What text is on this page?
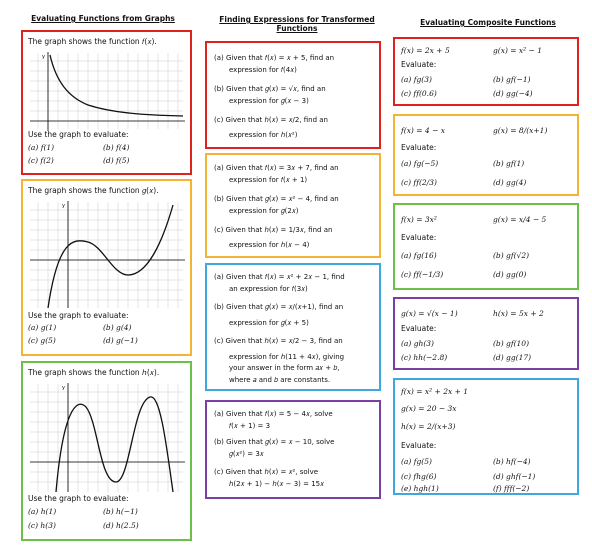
Evaluating Functions from Graphs	Finding Expressions for Transformed
Functions
Evaluating Composite Functions
The graph shows the function 𝑓(𝑥).
y
Use the graph to evaluate:
(a) 𝑓(1)	(b) 𝑓(4)
(c) 𝑓(2)	(d) 𝑓(5)
The graph shows the function 𝑔(𝑥).
y
Use the graph to evaluate:
(a) 𝑔(1)	(b) 𝑔(4)
(c) 𝑔(5)	(d) 𝑔(−1)
The graph shows the function ℎ(𝑥).
y
Use the graph to evaluate:
(a) ℎ(1)	(b) ℎ(−1)
(c) ℎ(3)	(d) ℎ(2.5)
(a) Given that 𝑓(𝑥) = 𝑥 + 5, find an
expression for 𝑓(4𝑥)
(b) Given that 𝑔(𝑥) = √𝑥, find an
expression for 𝑔(𝑥 − 3)
(c) Given that ℎ(𝑥) = 𝑥/2, find an
expression for ℎ(𝑥²)
(a) Given that 𝑓(𝑥) = 3𝑥 + 7, find an
expression for 𝑓(𝑥 + 1)
(b) Given that 𝑔(𝑥) = 𝑥² − 4, find an
expression for 𝑔(2𝑥)
(c) Given that ℎ(𝑥) = 1/3𝑥, find an
expression for ℎ(𝑥 − 4)
(a) Given that 𝑓(𝑥) = 𝑥² + 2𝑥 − 1, find
an expression for 𝑓(3𝑥)
(b) Given that 𝑔(𝑥) = 𝑥/(𝑥+1), find an
expression for 𝑔(𝑥 + 5)
(c) Given that ℎ(𝑥) = 𝑥/2 − 3, find an
expression for ℎ(11 + 4𝑥), giving
your answer in the form 𝑎𝑥 + 𝑏,
where 𝑎 and 𝑏 are constants.
(a) Given that 𝑓(𝑥) = 5 − 4𝑥, solve
𝑓(𝑥 + 1) = 3
(b) Given that 𝑔(𝑥) = 𝑥 − 10, solve
𝑔(𝑥²) = 3𝑥
(c) Given that ℎ(𝑥) = 𝑥², solve
ℎ(2𝑥 + 1) − ℎ(𝑥 − 3) = 15𝑥
𝑓(𝑥) = 2𝑥 + 5	𝑔(𝑥) = 𝑥² − 1
Evaluate:
(a) 𝑓𝑔(3)	(b) 𝑔𝑓(−1)
(c) 𝑓𝑓(0.6)	(d) 𝑔𝑔(−4)
𝑓(𝑥) = 4 − 𝑥	𝑔(𝑥) = 8/(𝑥+1)
Evaluate:
(a) 𝑓𝑔(−5)	(b) 𝑔𝑓(1)
(c) 𝑓𝑓(2/3)	(d) 𝑔𝑔(4)
𝑓(𝑥) = 3𝑥²	𝑔(𝑥) = 𝑥/4 − 5
Evaluate:
(a) 𝑓𝑔(16)	(b) 𝑔𝑓(√2)
(c) 𝑓𝑓(−1/3)	(d) 𝑔𝑔(0)
𝑔(𝑥) = √(𝑥 − 1)	ℎ(𝑥) = 5𝑥 + 2
Evaluate:
(a) 𝑔ℎ(3)	(b) 𝑔𝑓(10)
(c) ℎℎ(−2.8)	(d) 𝑔𝑔(17)
𝑓(𝑥) = 𝑥² + 2𝑥 + 1
𝑔(𝑥) = 20 − 3𝑥
ℎ(𝑥) = 2/(𝑥+3)
Evaluate:
(a) 𝑓𝑔(5)	(b) ℎ𝑓(−4)
(c) 𝑓ℎ𝑔(6)	(d) 𝑔ℎ𝑓(−1)
(e) ℎ𝑔ℎ(1)	(f) 𝑓𝑓𝑓(−2)
